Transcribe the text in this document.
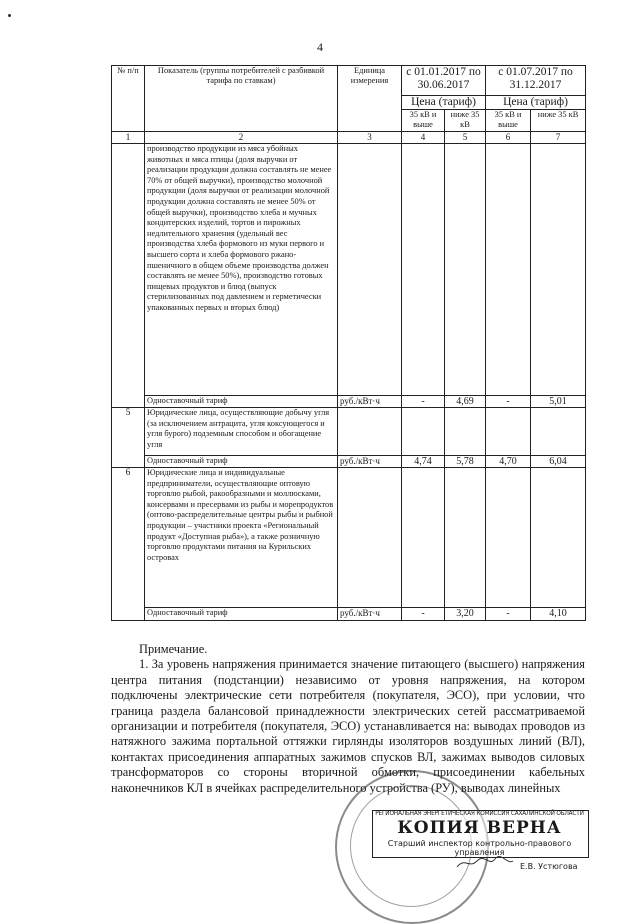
4
№ п/п	Показатель (группы потребителей с разбивкой тарифа по ставкам)	Единица измерения	с 01.01.2017 по 30.06.2017		с 01.07.2017 по 31.12.2017	
			Цена (тариф)		Цена (тариф)	
			35 кВ и выше	ниже 35 кВ	35 кВ и выше	ниже 35 кВ
1	2	3	4	5	6	7
	производство продукции из мяса убойных животных и мяса птицы (доля выручки от реализации продукции должна составлять не менее 70% от общей выручки), производство молочной продукции (доля выручки от реализации молочной продукции должна составлять не менее 50% от общей выручки), производство хлеба и мучных кондитерских изделий, тортов и пирожных недлительного хранения (удельный вес производства хлеба формового из муки первого и высшего сорта и хлеба формового ржано-пшеничного в общем объеме производства должен составлять не менее 50%), производство готовых пищевых продуктов и блюд (выпуск стерилизованных под давлением и герметически упакованных первых и вторых блюд)					
	Одноставочный тариф	руб./кВт·ч	-	4,69	-	5,01
5	Юридические лица, осуществляющие добычу угля (за исключением антрацита, угля коксующегося и угля бурого) подземным способом и обогащение угля					
	Одноставочный тариф	руб./кВт·ч	4,74	5,78	4,70	6,04
6	Юридические лица и индивидуальные предприниматели, осуществляющие оптовую торговлю рыбой, ракообразными и моллюсками, консервами и пресервами из рыбы и морепродуктов (оптово-распределительные центры рыбы и рыбной продукции – участники проекта «Региональный продукт «Доступная рыба»), а также розничную торговлю продуктами питания на Курильских островах					
	Одноставочный тариф	руб./кВт·ч	-	3,20	-	4,10
Примечание.

1. За уровень напряжения принимается значение питающего (высшего) напряжения центра питания (подстанции) независимо от уровня напряжения, на котором подключены электрические сети потребителя (покупателя, ЭСО), при условии, что граница раздела балансовой принадлежности электрических сетей рассматриваемой организации и потребителя (покупателя, ЭСО) устанавливается на: выводах проводов из натяжного зажима портальной оттяжки гирлянды изоляторов воздушных линий (ВЛ), контактах присоединения аппаратных зажимов спусков ВЛ, зажимах выводов силовых трансформаторов со стороны вторичной обмотки, присоединении кабельных наконечников КЛ в ячейках распределительного устройства (РУ), выводах линейных

РЕГИОНАЛЬНАЯ ЭНЕРГЕТИЧЕСКАЯ КОМИССИЯ САХАЛИНСКОЙ ОБЛАСТИ
КОПИЯ ВЕРНА
Старший инспектор контрольно-правового управления
Е.В. Устюгова
